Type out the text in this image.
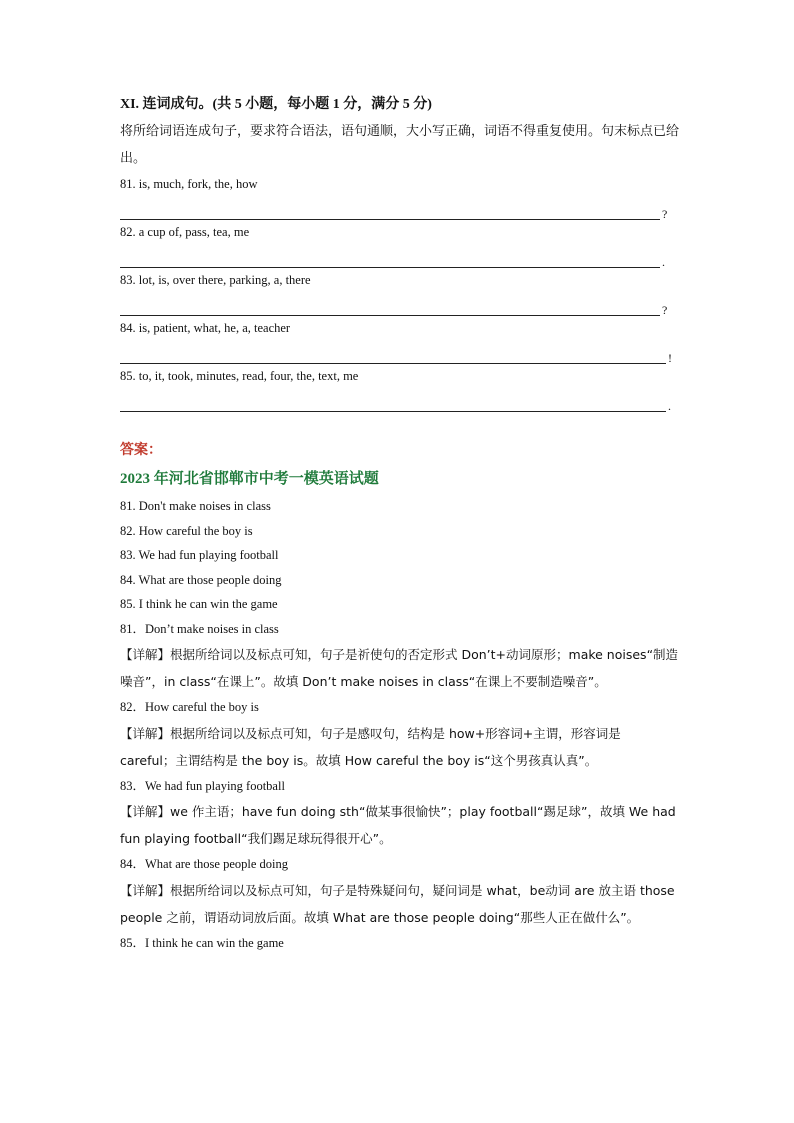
XI. 连词成句。(共 5 小题，每小题 1 分，满分 5 分)
将所给词语连成句子，要求符合语法，语句通顺，大小写正确，词语不得重复使用。句末标点已给出。
81. is, much, fork, the, how
?
82. a cup of, pass, tea, me
.
83. lot, is, over there, parking, a, there
?
84. is, patient, what, he, a, teacher
!
85. to, it, took, minutes, read, four, the, text, me
.
答案：
2023 年河北省邯郸市中考一模英语试题
81. Don't make noises in class
82. How careful the boy is
83. We had fun playing football
84. What are those people doing
85. I think he can win the game
81．Don’t make noises in class
【详解】根据所给词以及标点可知，句子是祈使句的否定形式 Don’t+动词原形；make noises“制造噪音”，in class“在课上”。故填 Don’t make noises in class“在课上不要制造噪音”。
82．How careful the boy is
【详解】根据所给词以及标点可知，句子是感叹句，结构是 how+形容词+主谓，形容词是 careful；主谓结构是 the boy is。故填 How careful the boy is“这个男孩真认真”。
83．We had fun playing football
【详解】we 作主语；have fun doing sth“做某事很愉快”；play football“踢足球”，故填 We had fun playing football“我们踢足球玩得很开心”。
84．What are those people doing
【详解】根据所给词以及标点可知，句子是特殊疑问句，疑问词是 what，be动词 are 放主语 those people 之前，谓语动词放后面。故填 What are those people doing“那些人正在做什么”。
85．I think he can win the game
